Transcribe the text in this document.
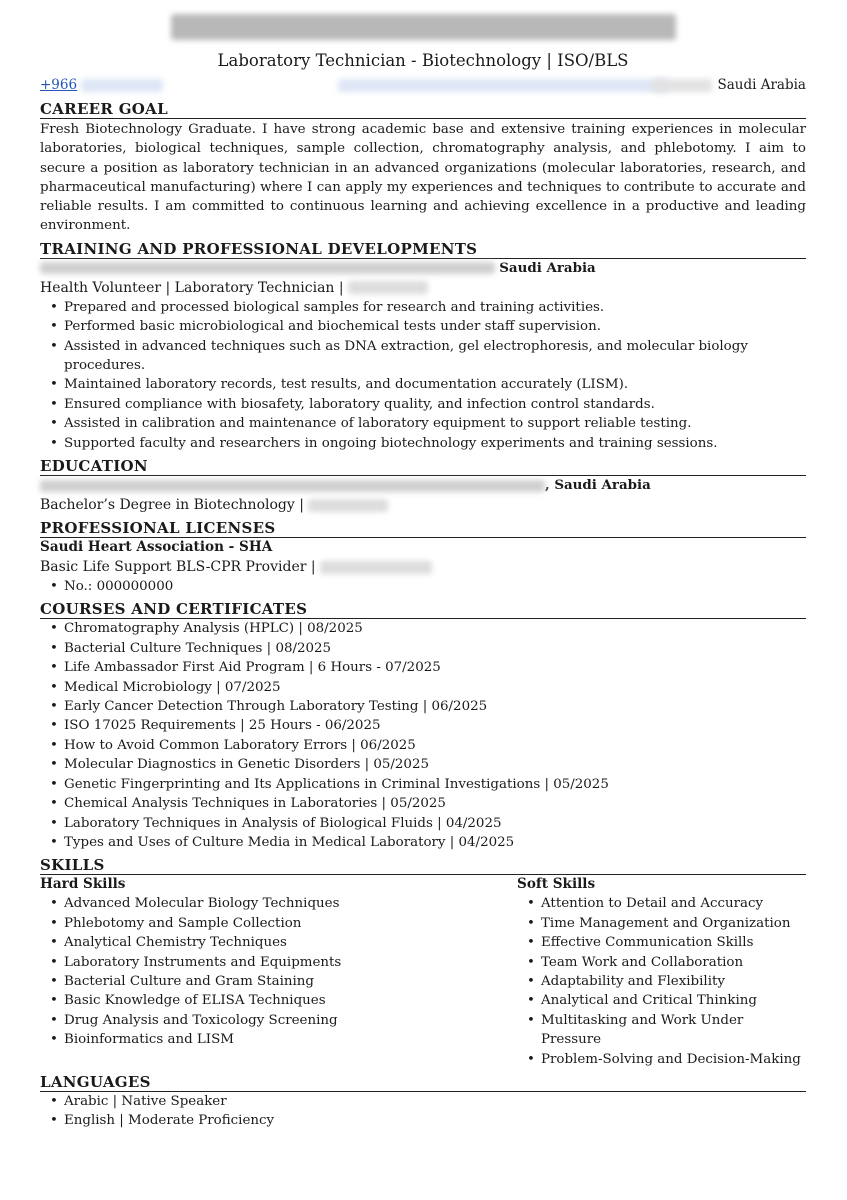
Laboratory Technician - Biotechnology | ISO/BLS
+966	Saudi Arabia
CAREER GOAL

Fresh Biotechnology Graduate. I have strong academic base and extensive training experiences in molecular laboratories, biological techniques, sample collection, chromatography analysis, and phlebotomy. I aim to secure a position as laboratory technician in an advanced organizations (molecular laboratories, research, and pharmaceutical manufacturing) where I can apply my experiences and techniques to contribute to accurate and reliable results. I am committed to continuous learning and achieving excellence in a productive and leading environment.

TRAINING AND PROFESSIONAL DEVELOPMENTS
Saudi Arabia
Health Volunteer | Laboratory Technician |
• Prepared and processed biological samples for research and training activities.
• Performed basic microbiological and biochemical tests under staff supervision.
• Assisted in advanced techniques such as DNA extraction, gel electrophoresis, and molecular biology procedures.
• Maintained laboratory records, test results, and documentation accurately (LISM).
• Ensured compliance with biosafety, laboratory quality, and infection control standards.
• Assisted in calibration and maintenance of laboratory equipment to support reliable testing.
• Supported faculty and researchers in ongoing biotechnology experiments and training sessions.
EDUCATION
, Saudi Arabia
Bachelor’s Degree in Biotechnology |
PROFESSIONAL LICENSES
Saudi Heart Association - SHA
Basic Life Support BLS-CPR Provider |
• No.: 000000000
COURSES AND CERTIFICATES
• Chromatography Analysis (HPLC) | 08/2025
• Bacterial Culture Techniques | 08/2025
• Life Ambassador First Aid Program | 6 Hours - 07/2025
• Medical Microbiology | 07/2025
• Early Cancer Detection Through Laboratory Testing | 06/2025
• ISO 17025 Requirements | 25 Hours - 06/2025
• How to Avoid Common Laboratory Errors | 06/2025
• Molecular Diagnostics in Genetic Disorders | 05/2025
• Genetic Fingerprinting and Its Applications in Criminal Investigations | 05/2025
• Chemical Analysis Techniques in Laboratories | 05/2025
• Laboratory Techniques in Analysis of Biological Fluids | 04/2025
• Types and Uses of Culture Media in Medical Laboratory | 04/2025
SKILLS
Hard Skills
• Advanced Molecular Biology Techniques
• Phlebotomy and Sample Collection
• Analytical Chemistry Techniques
• Laboratory Instruments and Equipments
• Bacterial Culture and Gram Staining
• Basic Knowledge of ELISA Techniques
• Drug Analysis and Toxicology Screening
• Bioinformatics and LISM
Soft Skills
• Attention to Detail and Accuracy
• Time Management and Organization
• Effective Communication Skills
• Team Work and Collaboration
• Adaptability and Flexibility
• Analytical and Critical Thinking
• Multitasking and Work Under Pressure
• Problem-Solving and Decision-Making
LANGUAGES
• Arabic | Native Speaker
• English | Moderate Proficiency
